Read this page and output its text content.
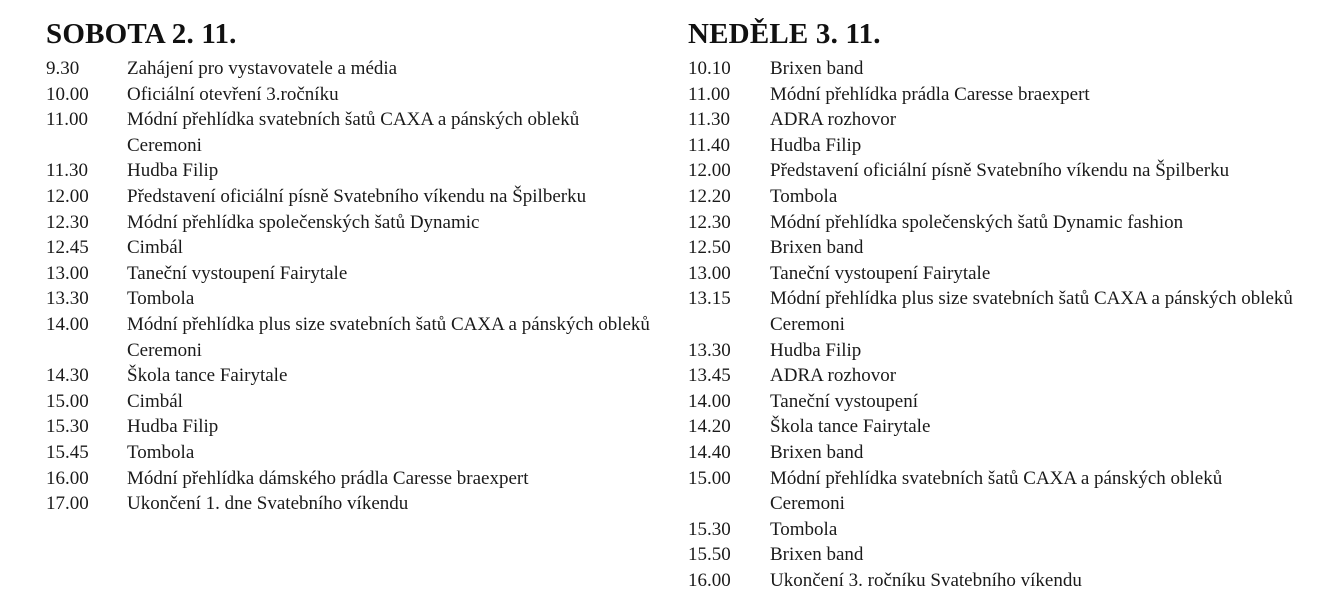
SOBOTA 2. 11.
9.30	Zahájení pro vystavovatele a média
10.00	Oficiální otevření 3.ročníku
11.00	Módní přehlídka svatebních šatů CAXA a pánských obleků Ceremoni
11.30	Hudba Filip
12.00	Představení oficiální písně Svatebního víkendu na Špilberku
12.30	Módní přehlídka společenských šatů Dynamic
12.45	Cimbál
13.00	Taneční vystoupení Fairytale
13.30	Tombola
14.00	Módní přehlídka plus size svatebních šatů CAXA a pánských obleků Ceremoni
14.30	Škola tance Fairytale
15.00	Cimbál
15.30	Hudba Filip
15.45	Tombola
16.00	Módní přehlídka dámského prádla Caresse braexpert
17.00	Ukončení 1. dne Svatebního víkendu
NEDĚLE 3. 11.
10.10	Brixen band
11.00	Módní přehlídka prádla Caresse braexpert
11.30	ADRA rozhovor
11.40	Hudba Filip
12.00	Představení oficiální písně Svatebního víkendu na Špilberku
12.20	Tombola
12.30	Módní přehlídka společenských šatů Dynamic fashion
12.50	Brixen band
13.00	Taneční vystoupení Fairytale
13.15	Módní přehlídka plus size svatebních šatů CAXA a pánských obleků Ceremoni
13.30	Hudba Filip
13.45	ADRA rozhovor
14.00	Taneční vystoupení
14.20	Škola tance Fairytale
14.40	Brixen band
15.00	Módní přehlídka svatebních šatů CAXA a pánských obleků Ceremoni
15.30	Tombola
15.50	Brixen band
16.00	Ukončení 3. ročníku Svatebního víkendu
